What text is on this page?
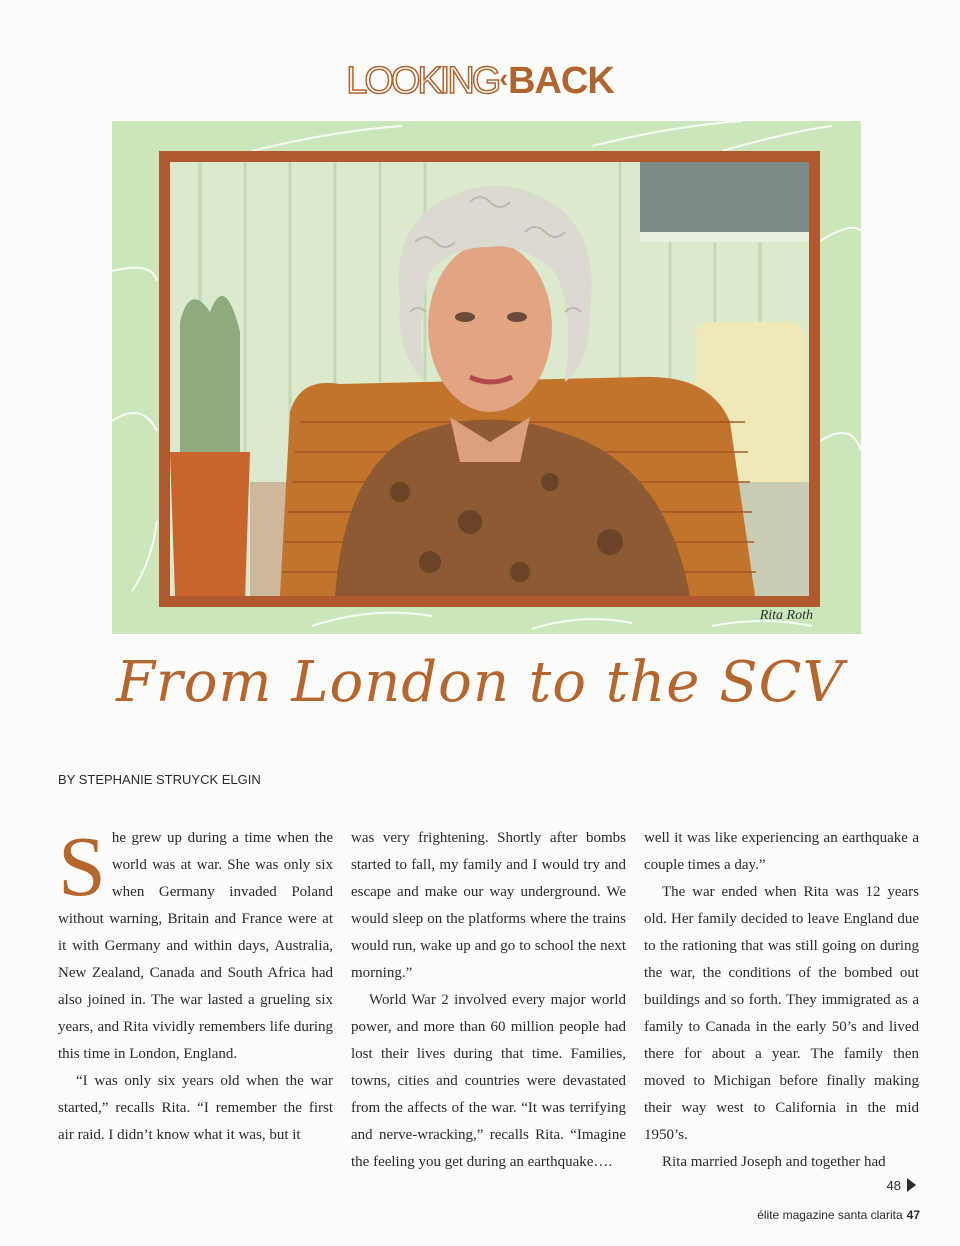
LOOKING‹BACK
Rita Roth
From London to the SCV
BY STEPHANIE STRUYCK ELGIN

She grew up during a time when the world was at war. She was only six when Germany invaded Poland without warning, Britain and France were at it with Germany and within days, Australia, New Zealand, Canada and South Africa had also joined in. The war lasted a grueling six years, and Rita vividly remembers life during this time in London, England.

“I was only six years old when the war started,” recalls Rita. “I remember the first air raid. I didn’t know what it was, but it

was very frightening. Shortly after bombs started to fall, my family and I would try and escape and make our way underground. We would sleep on the platforms where the trains would run, wake up and go to school the next morning.”

World War 2 involved every major world power, and more than 60 million people had lost their lives during that time. Families, towns, cities and countries were devastated from the affects of the war. “It was terrifying and nerve-wracking,” recalls Rita. “Imagine the feeling you get during an earthquake….

well it was like experiencing an earthquake a couple times a day.”

The war ended when Rita was 12 years old. Her family decided to leave England due to the rationing that was still going on during the war, the conditions of the bombed out buildings and so forth. They immigrated as a family to Canada in the early 50’s and lived there for about a year. The family then moved to Michigan before finally making their way west to California in the mid 1950’s.

Rita married Joseph and together had

48
élite magazine santa clarita 47
